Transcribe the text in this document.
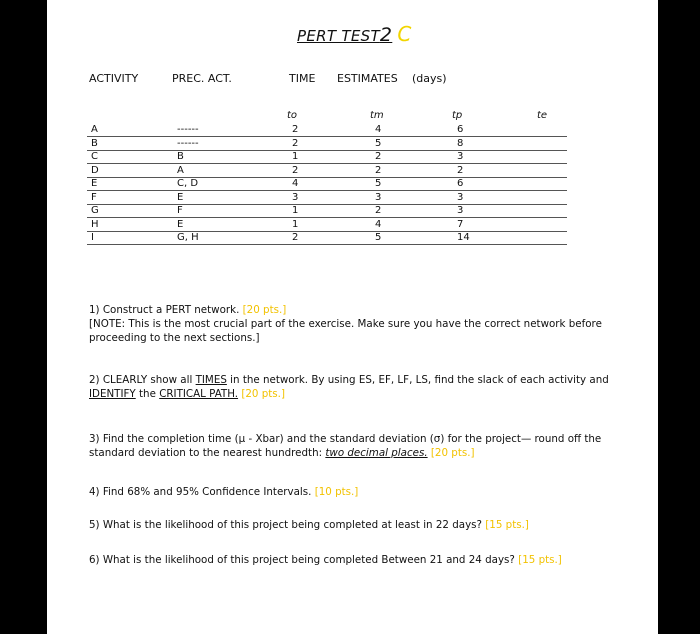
PERT TEST2 C
ACTIVITY	PREC. ACT.	TIME ESTIMATES (days)
to	tm	tp	te
A	------	2	4	6
B	------	2	5	8
C	B	1	2	3
D	A	2	2	2
E	C, D	4	5	6
F	E	3	3	3
G	F	1	2	3
H	E	1	4	7
I	G, H	2	5	14
1) Construct a PERT network. [20 pts.]
[NOTE: This is the most crucial part of the exercise. Make sure you have the correct network before proceeding to the next sections.]
2) CLEARLY show all TIMES in the network. By using ES, EF, LF, LS, find the slack of each activity and IDENTIFY the CRITICAL PATH. [20 pts.]
3) Find the completion time (μ - Xbar) and the standard deviation (σ) for the project— round off the standard deviation to the nearest hundredth: two decimal places. [20 pts.]
4) Find 68% and 95% Confidence Intervals. [10 pts.]
5) What is the likelihood of this project being completed at least in 22 days? [15 pts.]
6) What is the likelihood of this project being completed Between 21 and 24 days? [15 pts.]
